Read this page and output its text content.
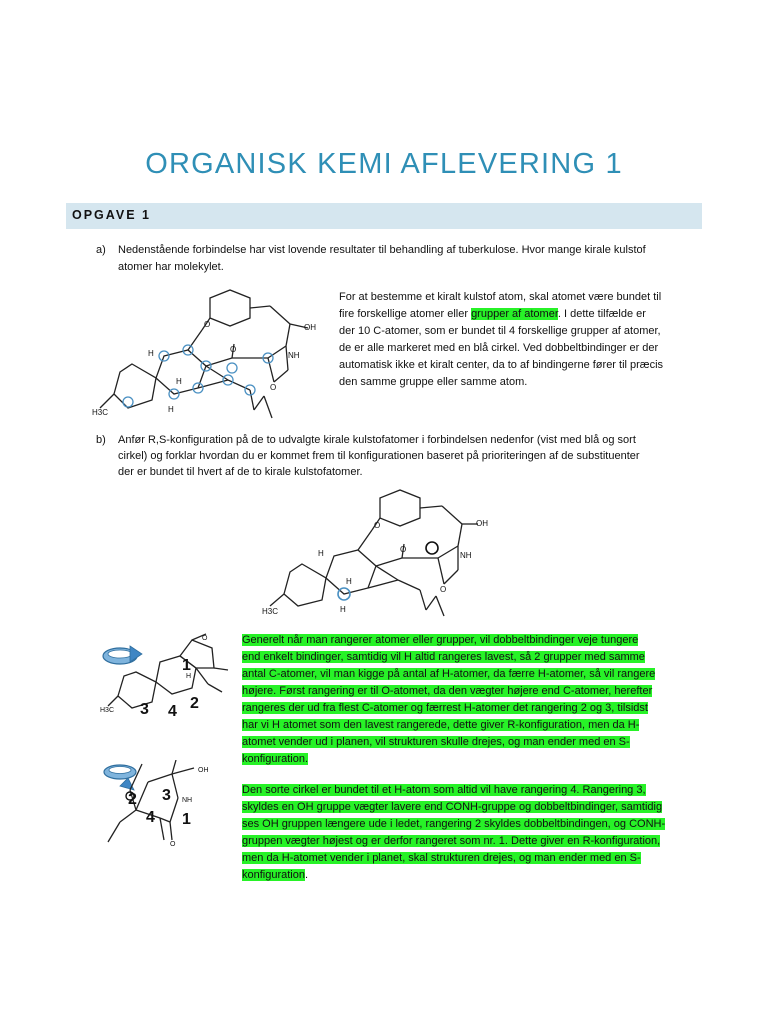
ORGANISK KEMI AFLEVERING 1
OPGAVE 1
a) Nedenstående forbindelse har vist lovende resultater til behandling af tuberkulose. Hvor mange kirale kulstof
atomer har molekylet.
O	OH
NH
O
O
H
H
H
H3C
For at bestemme et kiralt kulstof atom, skal atomet være bundet til
fire forskellige atomer eller grupper af atomer. I dette tilfælde er
der 10 C-atomer, som er bundet til 4 forskellige grupper af atomer,
de er alle markeret med en blå cirkel. Ved dobbeltbindinger er der
automatisk ikke et kiralt center, da to af bindingerne fører til præcis
den samme gruppe eller samme atom.
b) Anfør R,S-konfiguration på de to udvalgte kirale kulstofatomer i forbindelsen nedenfor (vist med blå og sort
cirkel) og forklar hvordan du er kommet frem til konfigurationen baseret på prioriteringen af de substituenter
der er bundet til hvert af de to kirale kulstofatomer.
O	OH
NH
O
O
H
H
H
H3C
H
H3C
O
1
2
3 4
Generelt når man rangerer atomer eller grupper, vil dobbeltbindinger veje tungere
end enkelt bindinger, samtidig vil H altid rangeres lavest, så 2 grupper med samme
antal C-atomer, vil man kigge på antal af H-atomer, da færre H-atomer, så vil rangere
højere. Først rangering er til O-atomet, da den vægter højere end C-atomer, herefter
rangeres der ud fra flest C-atomer og færrest H-atomer det rangering 2 og 3, tilsidst
har vi H atomet som den lavest rangerede, dette giver R-konfiguration, men da H-
atomet vender ud i planen, vil strukturen skulle drejes, og man ender med en S-
konfiguration.
OH
NH
O
1
2 3
4
Den sorte cirkel er bundet til et H-atom som altid vil have rangering 4. Rangering 3,
skyldes en OH gruppe vægter lavere end CONH-gruppe og dobbeltbindinger, samtidig
ses OH gruppen længere ude i ledet, rangering 2 skyldes dobbeltbindingen, og CONH-
gruppen vægter højest og er derfor rangeret som nr. 1. Dette giver en R-konfiguration,
men da H-atomet vender i planet, skal strukturen drejes, og man ender med en S-
konfiguration.
